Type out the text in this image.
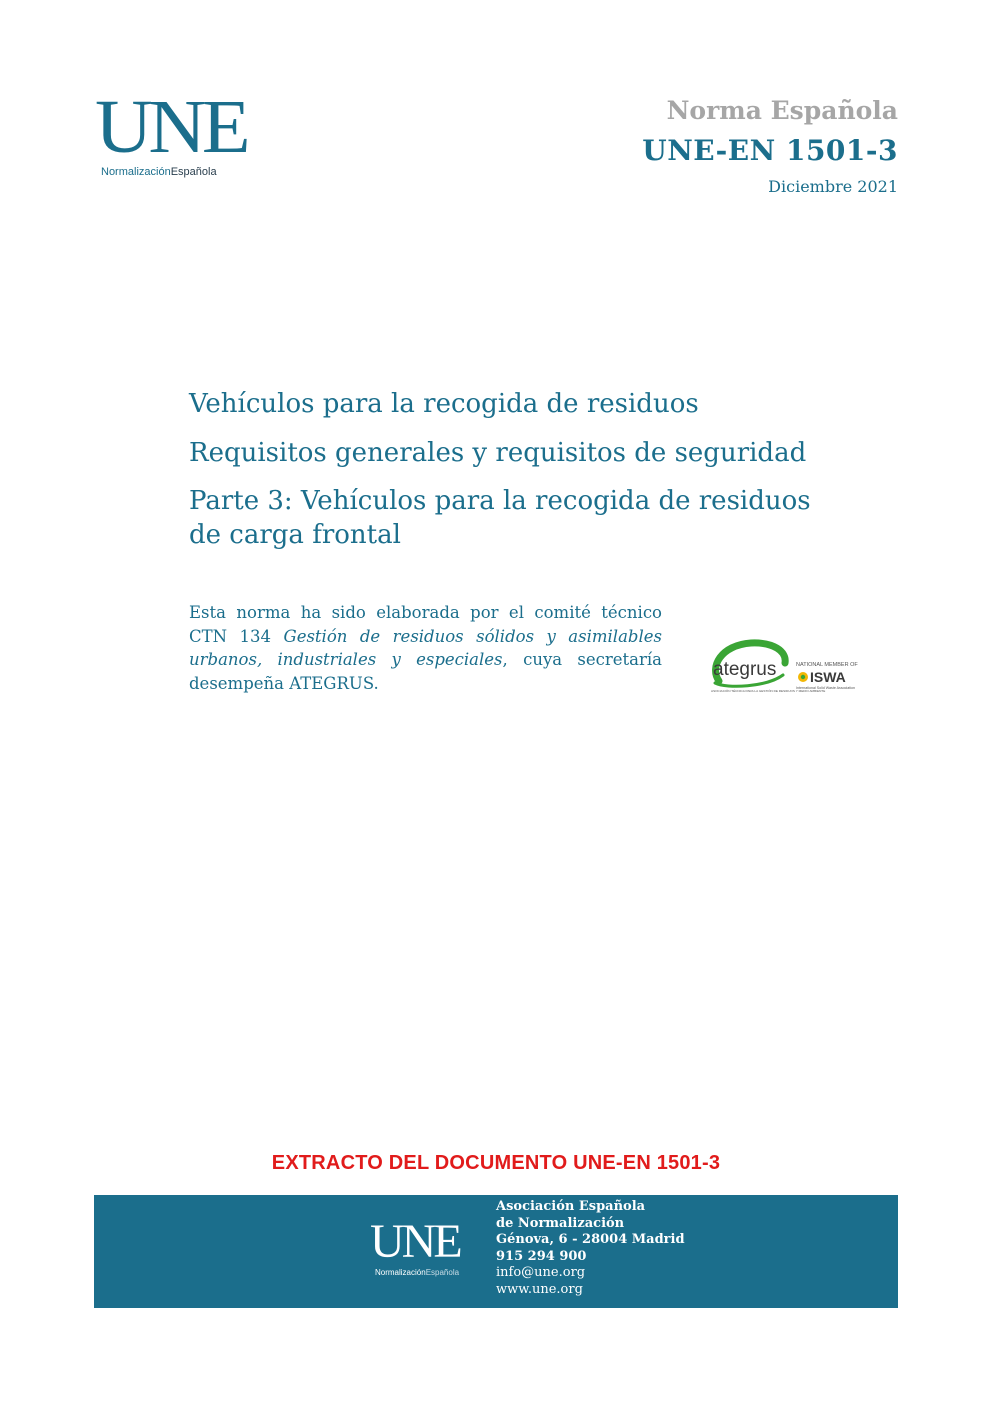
UNE
NormalizaciónEspañola
Norma Española
UNE-EN 1501-3
Diciembre 2021
Vehículos para la recogida de residuos
Requisitos generales y requisitos de seguridad
Parte 3: Vehículos para la recogida de residuos de carga frontal
Esta norma ha sido elaborada por el comité técnico CTN 134 Gestión de residuos sólidos y asimilables urbanos, industriales y especiales, cuya secretaría desempeña ATEGRUS.
ategrus
ASOCIACIÓN TÉCNICA PARA LA GESTIÓN DE RESIDUOS Y MEDIO AMBIENTE
NATIONAL MEMBER OF
ISWA
International Solid Waste Association
EXTRACTO DEL DOCUMENTO UNE-EN 1501-3
UNE
NormalizaciónEspañola
Asociación Española
de Normalización
Génova, 6 - 28004 Madrid
915 294 900
info@une.org
www.une.org
